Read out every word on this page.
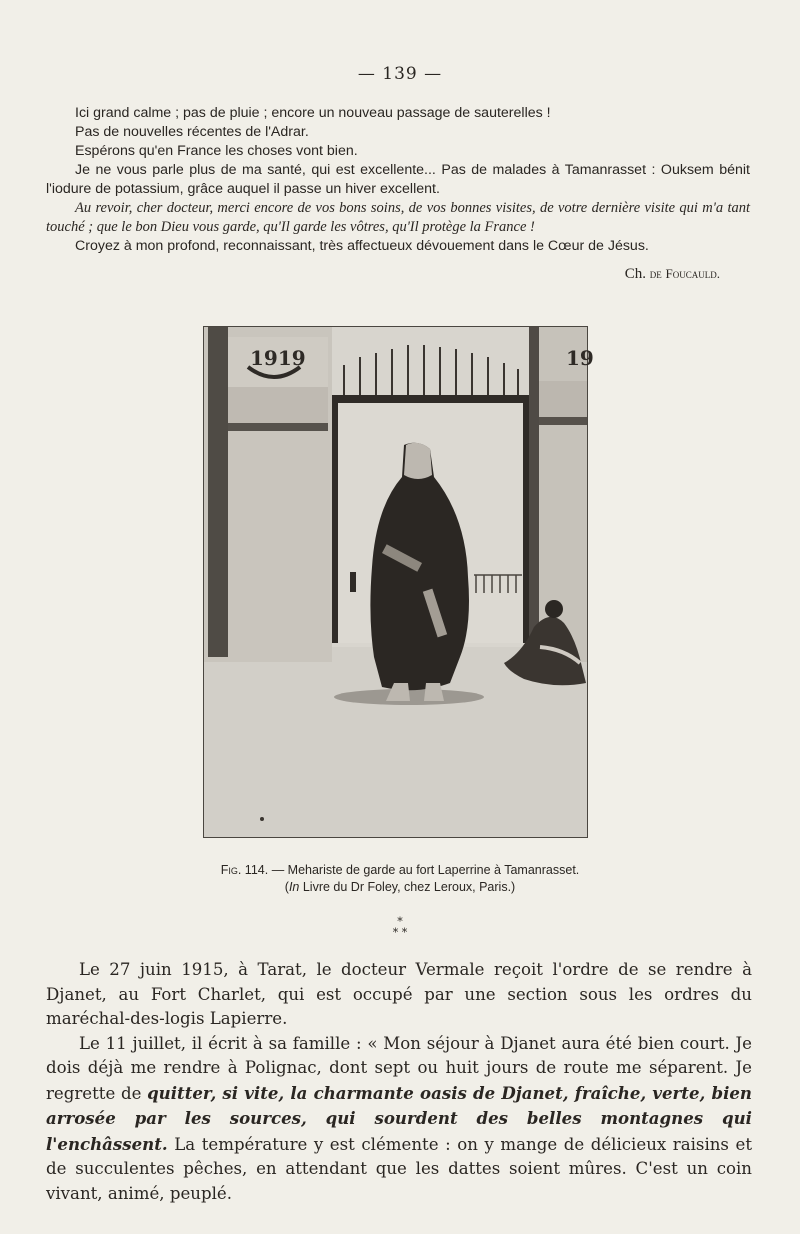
— 139 —

Ici grand calme ; pas de pluie ; encore un nouveau passage de sauterelles !

Pas de nouvelles récentes de l'Adrar.

Espérons qu'en France les choses vont bien.

Je ne vous parle plus de ma santé, qui est excellente... Pas de malades à Tamanrasset : Ouksem bénit l'iodure de potassium, grâce auquel il passe un hiver excellent.

Au revoir, cher docteur, merci encore de vos bons soins, de vos bonnes visites, de votre dernière visite qui m'a tant touché ; que le bon Dieu vous garde, qu'Il garde les vôtres, qu'Il protège la France !

Croyez à mon profond, reconnaissant, très affectueux dévouement dans le Cœur de Jésus.

Ch. de Foucauld.
1919	19
Fig. 114. — Mehariste de garde au fort Laperrine à Tamanrasset.
(In Livre du Dr Foley, chez Leroux, Paris.)
*
* *

Le 27 juin 1915, à Tarat, le docteur Vermale reçoit l'ordre de se rendre à Djanet, au Fort Charlet, qui est occupé par une section sous les ordres du maréchal-des-logis Lapierre.

Le 11 juillet, il écrit à sa famille : « Mon séjour à Djanet aura été bien court. Je dois déjà me rendre à Polignac, dont sept ou huit jours de route me séparent. Je regrette de quitter, si vite, la charmante oasis de Djanet, fraîche, verte, bien arrosée par les sources, qui sourdent des belles montagnes qui l'enchâssent. La température y est clémente : on y mange de délicieux raisins et de succulentes pêches, en attendant que les dattes soient mûres. C'est un coin vivant, animé, peuplé.
